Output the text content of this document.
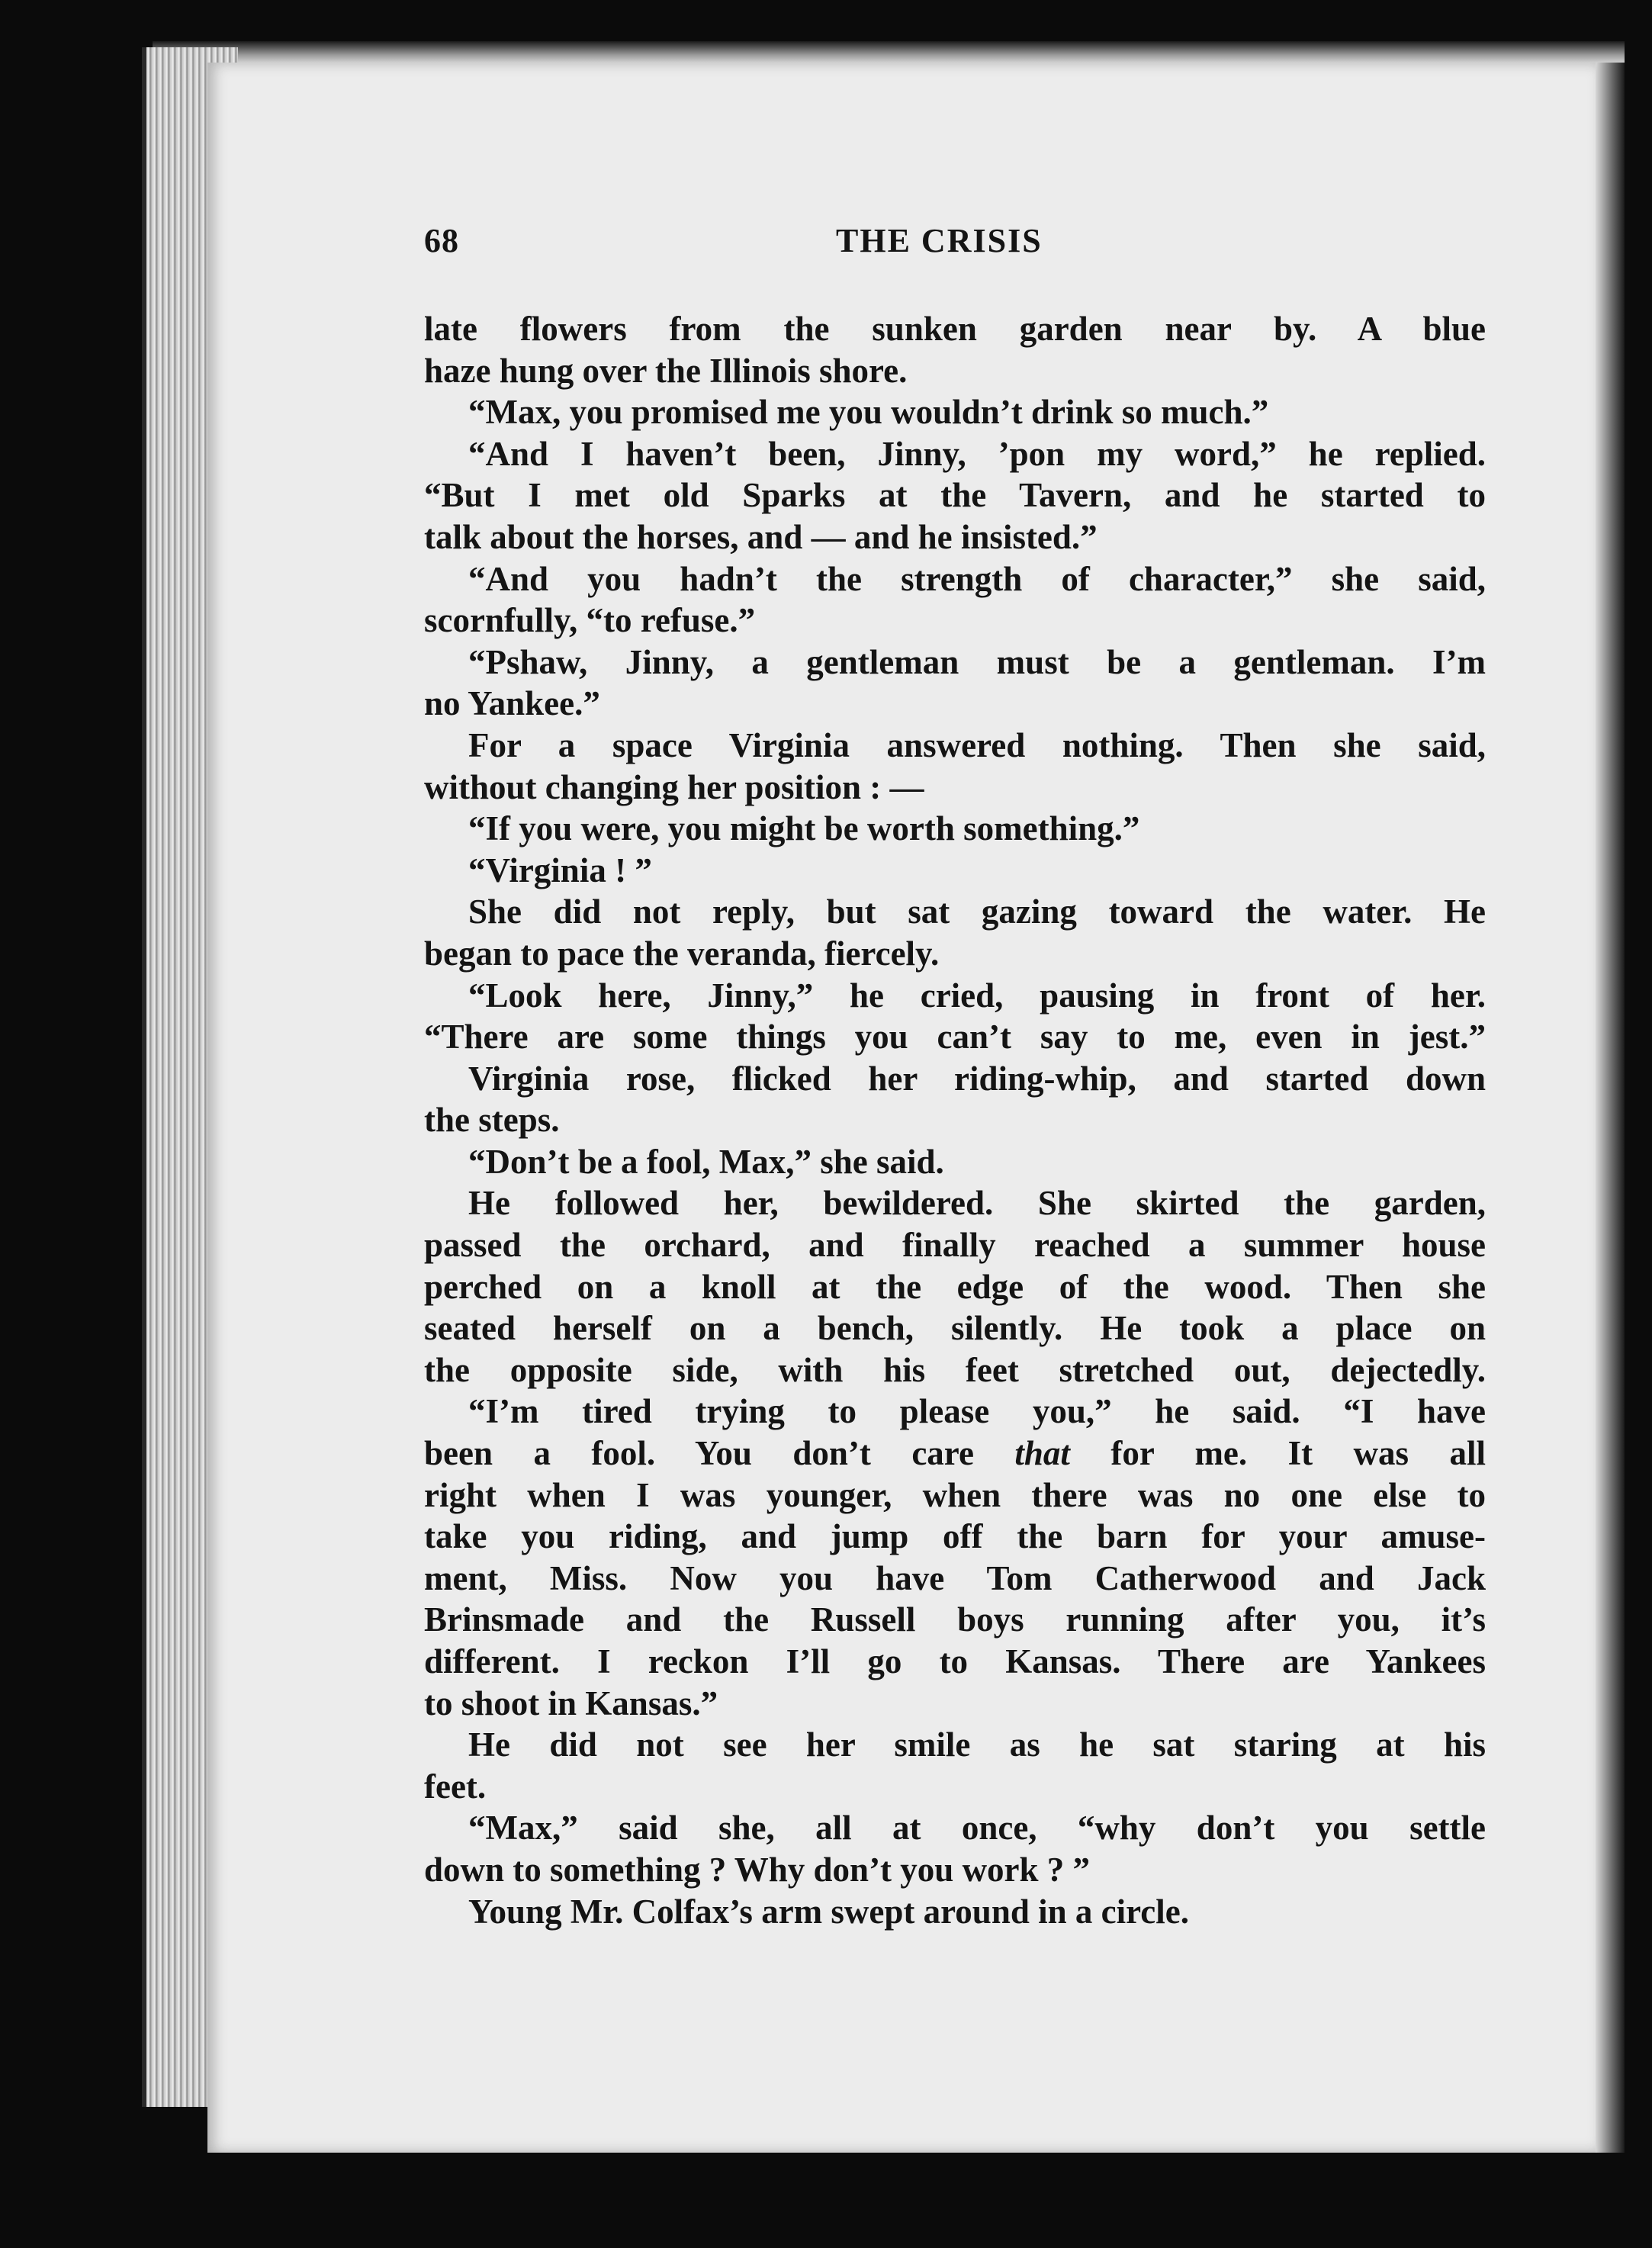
68	THE CRISIS
late flowers from the sunken garden near by. A blue
haze hung over the Illinois shore.
“Max, you promised me you wouldn’t drink so much.”
“And I haven’t been, Jinny, ’pon my word,” he replied.
“But I met old Sparks at the Tavern, and he started to
talk about the horses, and — and he insisted.”
“And you hadn’t the strength of character,” she said,
scornfully, “to refuse.”
“Pshaw, Jinny, a gentleman must be a gentleman. I’m
no Yankee.”
For a space Virginia answered nothing. Then she said,
without changing her position : —
“If you were, you might be worth something.”
“Virginia ! ”
She did not reply, but sat gazing toward the water. He
began to pace the veranda, fiercely.
“Look here, Jinny,” he cried, pausing in front of her.
“There are some things you can’t say to me, even in jest.”
Virginia rose, flicked her riding-whip, and started down
the steps.
“Don’t be a fool, Max,” she said.
He followed her, bewildered. She skirted the garden,
passed the orchard, and finally reached a summer house
perched on a knoll at the edge of the wood. Then she
seated herself on a bench, silently. He took a place on
the opposite side, with his feet stretched out, dejectedly.
“I’m tired trying to please you,” he said. “I have
been a fool. You don’t care that for me. It was all
right when I was younger, when there was no one else to
take you riding, and jump off the barn for your amuse-
ment, Miss. Now you have Tom Catherwood and Jack
Brinsmade and the Russell boys running after you, it’s
different. I reckon I’ll go to Kansas. There are Yankees
to shoot in Kansas.”
He did not see her smile as he sat staring at his
feet.
“Max,” said she, all at once, “why don’t you settle
down to something ? Why don’t you work ? ”
Young Mr. Colfax’s arm swept around in a circle.
